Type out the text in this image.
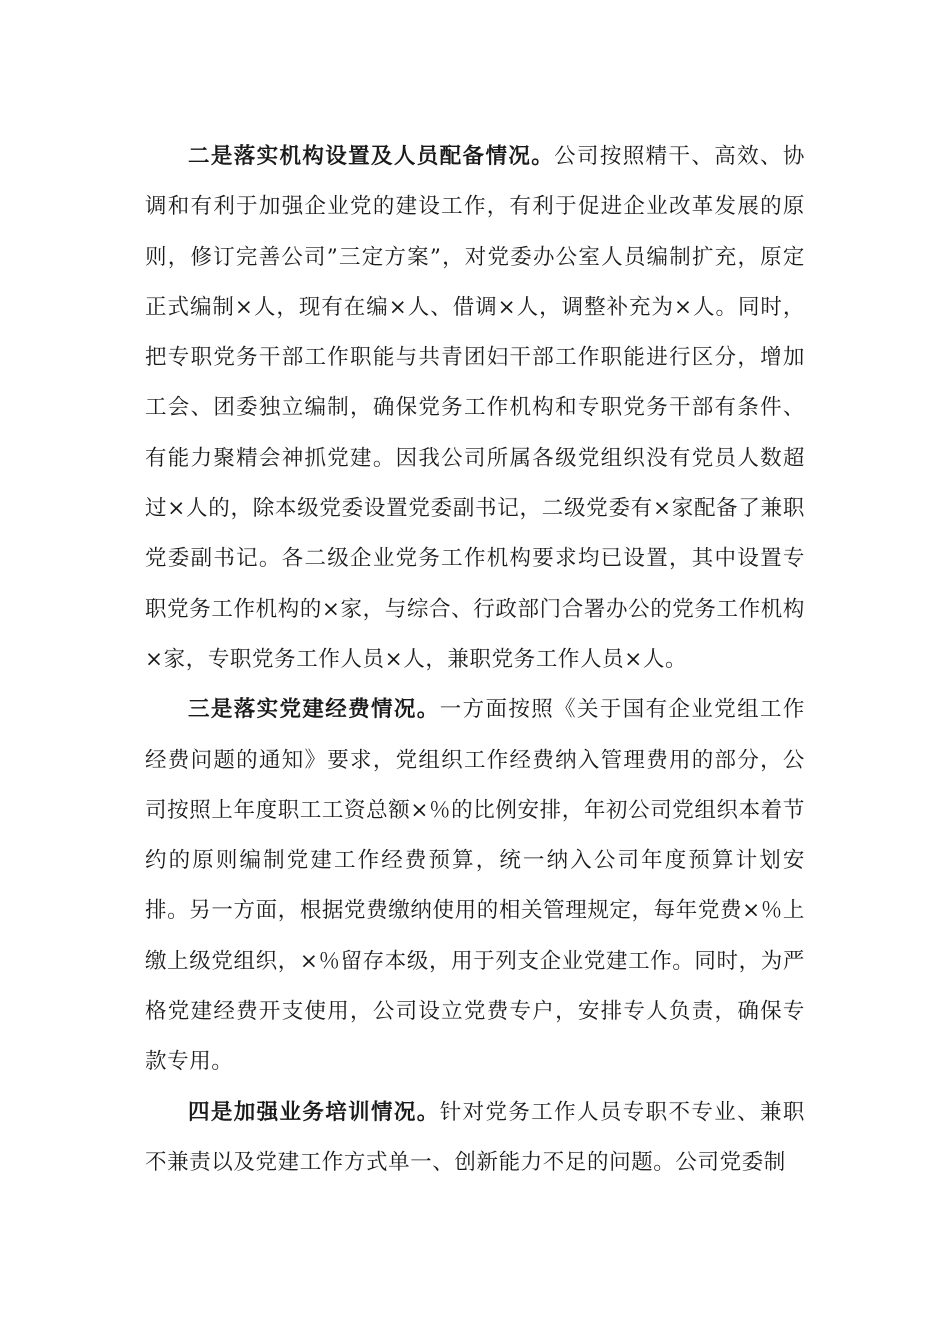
二是落实机构设置及人员配备情况。公司按照精干、高效、协调和有利于加强企业党的建设工作，有利于促进企业改革发展的原则，修订完善公司”三定方案”，对党委办公室人员编制扩充，原定正式编制×人，现有在编×人、借调×人，调整补充为×人。同时，把专职党务干部工作职能与共青团妇干部工作职能进行区分，增加工会、团委独立编制，确保党务工作机构和专职党务干部有条件、有能力聚精会神抓党建。因我公司所属各级党组织没有党员人数超过×人的，除本级党委设置党委副书记，二级党委有×家配备了兼职党委副书记。各二级企业党务工作机构要求均已设置，其中设置专职党务工作机构的×家，与综合、行政部门合署办公的党务工作机构×家，专职党务工作人员×人，兼职党务工作人员×人。

三是落实党建经费情况。一方面按照《关于国有企业党组工作经费问题的通知》要求，党组织工作经费纳入管理费用的部分，公司按照上年度职工工资总额×％的比例安排，年初公司党组织本着节约的原则编制党建工作经费预算，统一纳入公司年度预算计划安排。另一方面，根据党费缴纳使用的相关管理规定，每年党费×％上缴上级党组织，×％留存本级，用于列支企业党建工作。同时，为严格党建经费开支使用，公司设立党费专户，安排专人负责，确保专款专用。

四是加强业务培训情况。针对党务工作人员专职不专业、兼职不兼责以及党建工作方式单一、创新能力不足的问题。公司党委制
